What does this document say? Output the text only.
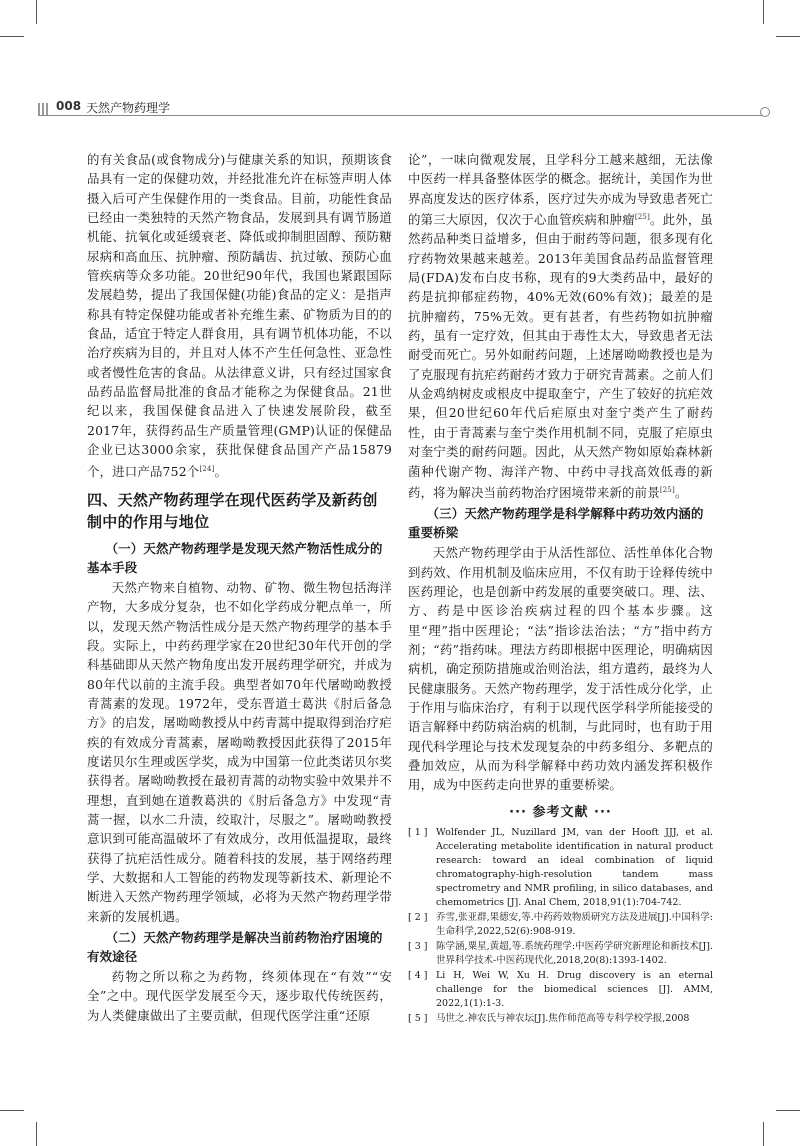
008 天然产物药理学

的有关食品(或食物成分)与健康关系的知识，预期该食品具有一定的保健功效，并经批准允许在标签声明人体摄入后可产生保健作用的一类食品。目前，功能性食品已经由一类独特的天然产物食品，发展到具有调节肠道机能、抗氧化或延缓衰老、降低或抑制胆固醇、预防糖尿病和高血压、抗肿瘤、预防龋齿、抗过敏、预防心血管疾病等众多功能。20世纪90年代，我国也紧跟国际发展趋势，提出了我国保健(功能)食品的定义：是指声称具有特定保健功能或者补充维生素、矿物质为目的的食品，适宜于特定人群食用，具有调节机体功能，不以治疗疾病为目的，并且对人体不产生任何急性、亚急性或者慢性危害的食品。从法律意义讲，只有经过国家食品药品监督局批准的食品才能称之为保健食品。21世纪以来，我国保健食品进入了快速发展阶段，截至2017年，获得药品生产质量管理(GMP)认证的保健品企业已达3000余家，获批保健食品国产产品15879个，进口产品752个[24]。

四、天然产物药理学在现代医药学及新药创制中的作用与地位
（一）天然产物药理学是发现天然产物活性成分的基本手段

天然产物来自植物、动物、矿物、微生物包括海洋产物，大多成分复杂，也不如化学药成分靶点单一，所以，发现天然产物活性成分是天然产物药理学的基本手段。实际上，中药药理学家在20世纪30年代开创的学科基础即从天然产物角度出发开展药理学研究，并成为80年代以前的主流手段。典型者如70年代屠呦呦教授青蒿素的发现。1972年，受东晋道士葛洪《肘后备急方》的启发，屠呦呦教授从中药青蒿中提取得到治疗疟疾的有效成分青蒿素，屠呦呦教授因此获得了2015年度诺贝尔生理或医学奖，成为中国第一位此类诺贝尔奖获得者。屠呦呦教授在最初青蒿的动物实验中效果并不理想，直到她在道教葛洪的《肘后备急方》中发现“青蒿一握，以水二升渍，绞取汁，尽服之”。屠呦呦教授意识到可能高温破坏了有效成分，改用低温提取，最终获得了抗疟活性成分。随着科技的发展，基于网络药理学、大数据和人工智能的药物发现等新技术、新理论不断进入天然产物药理学领域，必将为天然产物药理学带来新的发展机遇。

（二）天然产物药理学是解决当前药物治疗困境的有效途径

药物之所以称之为药物，终须体现在“有效”“安全”之中。现代医学发展至今天，逐步取代传统医药，为人类健康做出了主要贡献，但现代医学注重“还原

论”，一味向微观发展，且学科分工越来越细，无法像中医药一样具备整体医学的概念。据统计，美国作为世界高度发达的医疗体系，医疗过失亦成为导致患者死亡的第三大原因，仅次于心血管疾病和肿瘤[25]。此外，虽然药品种类日益增多，但由于耐药等问题，很多现有化疗药物效果越来越差。2013年美国食品药品监督管理局(FDA)发布白皮书称，现有的9大类药品中，最好的药是抗抑郁症药物，40%无效(60%有效)；最差的是抗肿瘤药，75%无效。更有甚者，有些药物如抗肿瘤药，虽有一定疗效，但其由于毒性太大，导致患者无法耐受而死亡。另外如耐药问题，上述屠呦呦教授也是为了克服现有抗疟药耐药才致力于研究青蒿素。之前人们从金鸡纳树皮或根皮中提取奎宁，产生了较好的抗疟效果，但20世纪60年代后疟原虫对奎宁类产生了耐药性，由于青蒿素与奎宁类作用机制不同，克服了疟原虫对奎宁类的耐药问题。因此，从天然产物如原始森林新菌种代谢产物、海洋产物、中药中寻找高效低毒的新药，将为解决当前药物治疗困境带来新的前景[25]。

（三）天然产物药理学是科学解释中药功效内涵的重要桥梁

天然产物药理学由于从活性部位、活性单体化合物到药效、作用机制及临床应用，不仅有助于诠释传统中医药理论，也是创新中药发展的重要突破口。理、法、方、药是中医诊治疾病过程的四个基本步骤。这里“理”指中医理论；“法”指诊法治法；“方”指中药方剂；“药”指药味。理法方药即根据中医理论，明确病因病机，确定预防措施或治则治法，组方遣药，最终为人民健康服务。天然产物药理学，发于活性成分化学，止于作用与临床治疗，有利于以现代医学科学所能接受的语言解释中药防病治病的机制，与此同时，也有助于用现代科学理论与技术发现复杂的中药多组分、多靶点的叠加效应，从而为科学解释中药功效内涵发挥积极作用，成为中医药走向世界的重要桥梁。

··· 参考文献 ···
[ 1 ] Wolfender JL, Nuzillard JM, van der Hooft JJJ, et al. Accelerating metabolite identification in natural product research: toward an ideal combination of liquid chromatography-high-resolution tandem mass spectrometry and NMR profiling, in silico databases, and chemometrics [J]. Anal Chem, 2018,91(1):704-742.
[ 2 ] 乔雪,张亚群,果德安,等.中药药效物质研究方法及进展[J].中国科学:生命科学,2022,52(6):908-919.
[ 3 ] 陈学涵,粟星,黄超,等.系统药理学:中医药学研究新理论和新技术[J].世界科学技术-中医药现代化,2018,20(8):1393-1402.
[ 4 ] Li H, Wei W, Xu H. Drug discovery is an eternal challenge for the biomedical sciences [J]. AMM, 2022,1(1):1-3.
[ 5 ] 马世之.神农氏与神农坛[J].焦作师范高等专科学校学报,2008
